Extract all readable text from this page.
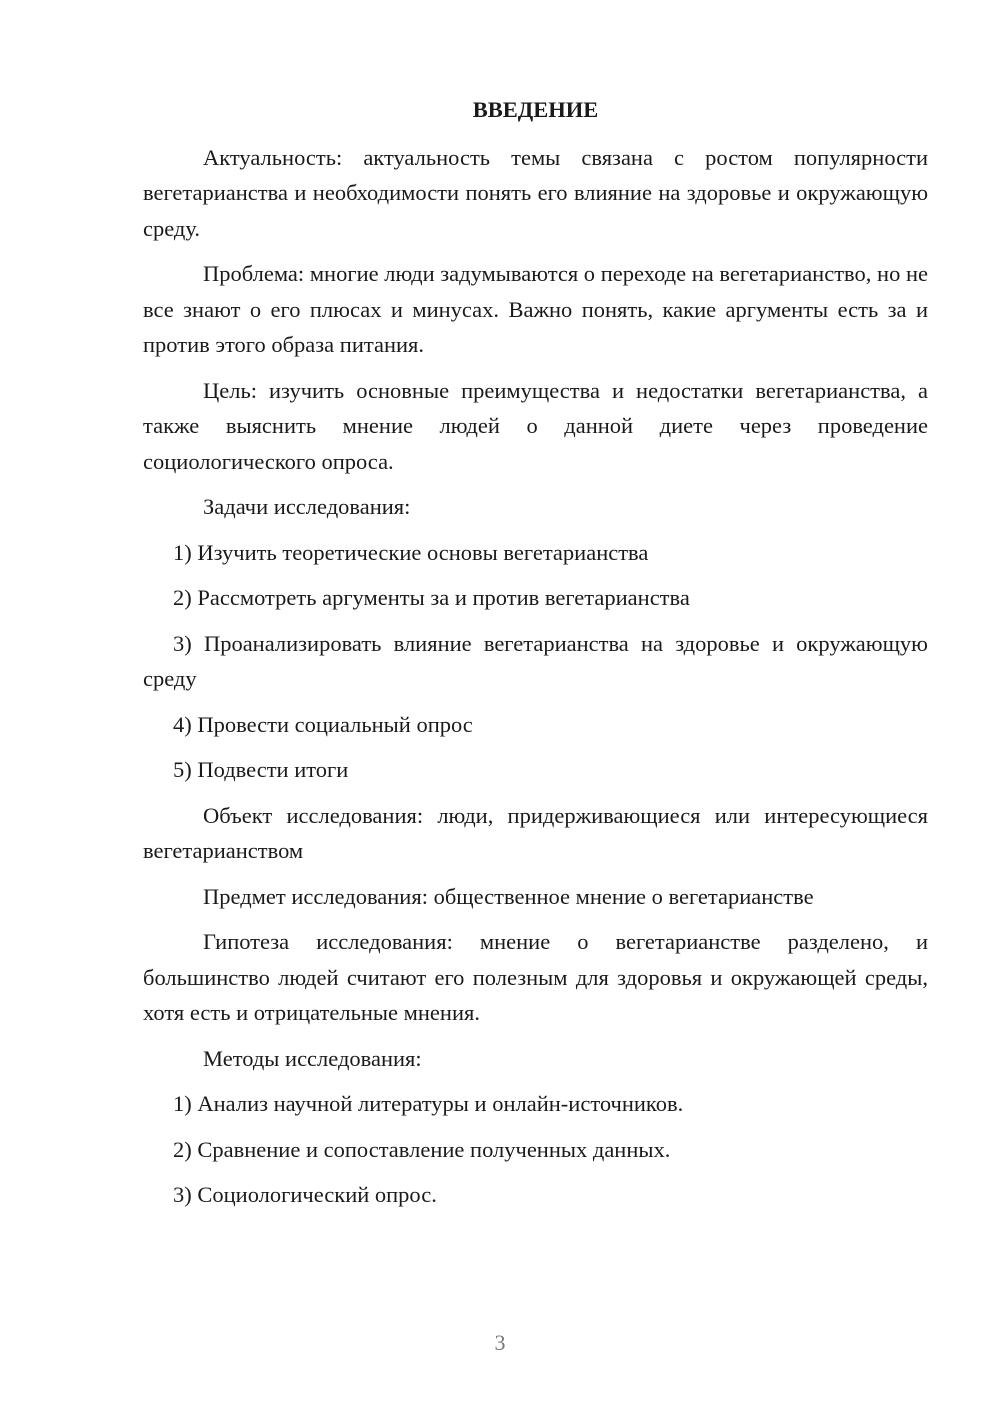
ВВЕДЕНИЕ

Актуальность: актуальность темы связана с ростом популярности вегетарианства и необходимости понять его влияние на здоровье и окружающую среду.

Проблема: многие люди задумываются о переходе на вегетарианство, но не все знают о его плюсах и минусах. Важно понять, какие аргументы есть за и против этого образа питания.

Цель: изучить основные преимущества и недостатки вегетарианства, а также выяснить мнение людей о данной диете через проведение социологического опроса.

Задачи исследования:

1) Изучить теоретические основы вегетарианства

2) Рассмотреть аргументы за и против вегетарианства

3) Проанализировать влияние вегетарианства на здоровье и окружающую среду

4) Провести социальный опрос

5) Подвести итоги

Объект исследования: люди, придерживающиеся или интересующиеся вегетарианством

Предмет исследования: общественное мнение о вегетарианстве

Гипотеза исследования: мнение о вегетарианстве разделено, и большинство людей считают его полезным для здоровья и окружающей среды, хотя есть и отрицательные мнения.

Методы исследования:

1) Анализ научной литературы и онлайн-источников.

2) Сравнение и сопоставление полученных данных.

3) Социологический опрос.

3
